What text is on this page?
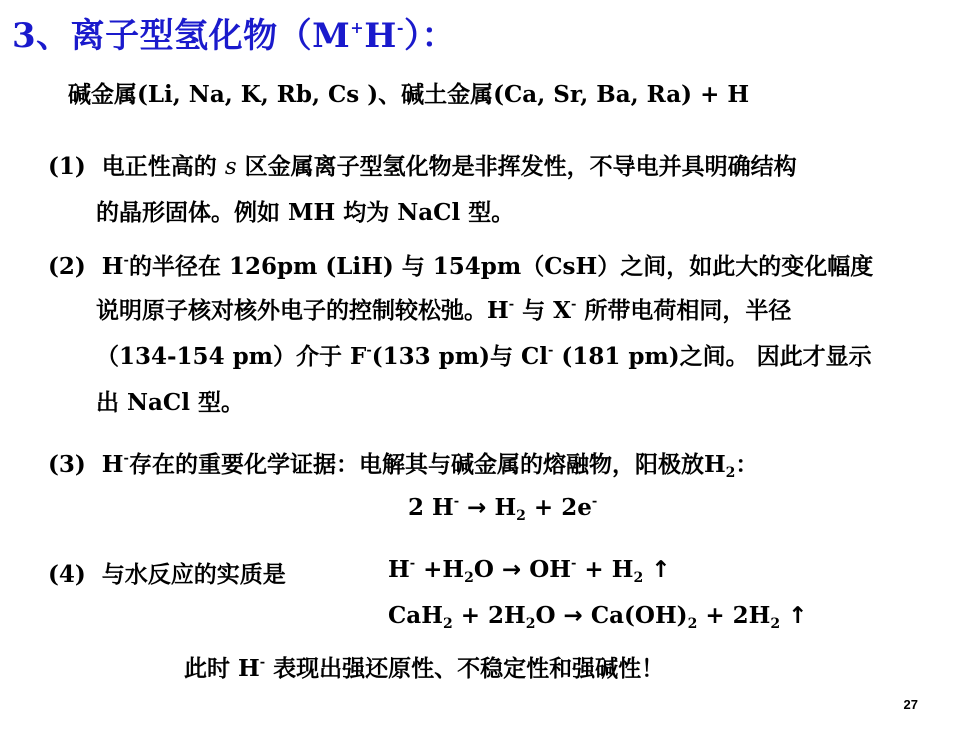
3、离子型氢化物（M+H-）：
碱金属(Li, Na, K, Rb, Cs )、碱土金属(Ca, Sr, Ba, Ra) + H
(1) 电正性高的 s 区金属离子型氢化物是非挥发性，不导电并具明确结构
的晶形固体。例如 MH 均为 NaCl 型。
(2) H-的半径在 126pm (LiH) 与 154pm（CsH）之间，如此大的变化幅度
说明原子核对核外电子的控制较松弛。H- 与 X- 所带电荷相同，半径
（134-154 pm）介于 F-(133 pm)与 Cl- (181 pm)之间。 因此才显示
出 NaCl 型。
(3) H-存在的重要化学证据：电解其与碱金属的熔融物，阳极放$H_2$：
2 $H^- \to H_2 + 2e^-$
(4) 与水反应的实质是	$H^- +H_2O \to OH^- + H_2$ ↑
$CaH_2 + 2H_2O \to Ca(OH)_2 + 2H_2$ ↑
此时 H- 表现出强还原性、不稳定性和强碱性！
27
